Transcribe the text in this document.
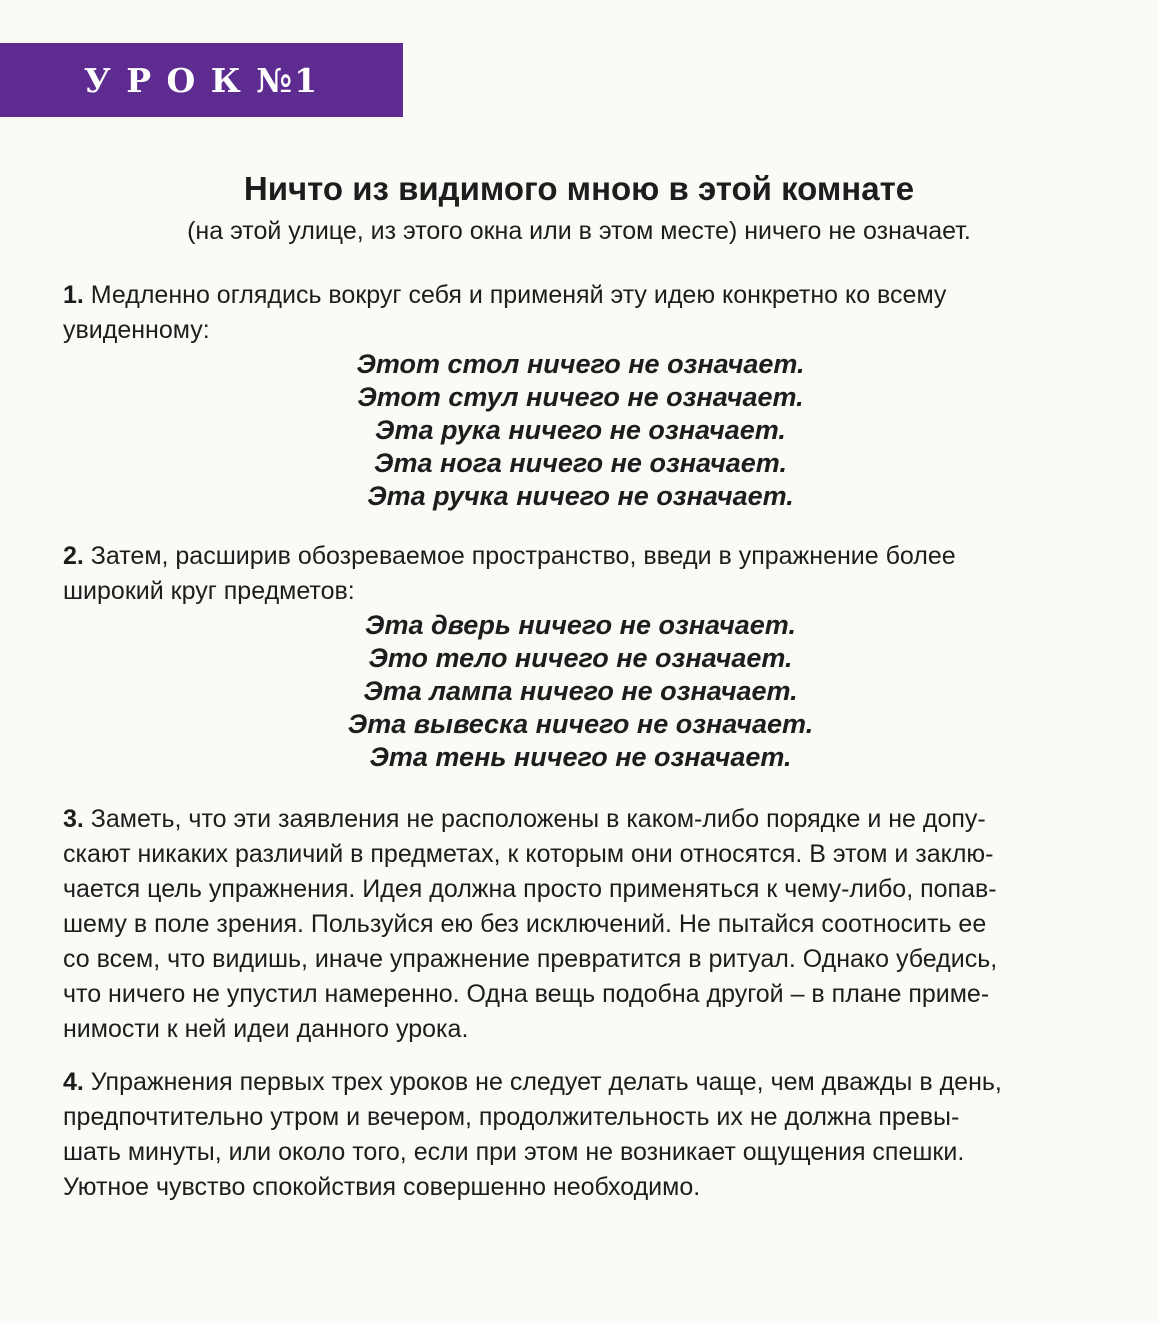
У Р О К №1
Ничто из видимого мною в этой комнате
(на этой улице, из этого окна или в этом месте) ничего не означает.
1. Медленно оглядись вокруг себя и применяй эту идею конкретно ко всему
увиденному:
Этот стол ничего не означает.
Этот стул ничего не означает.
Эта рука ничего не означает.
Эта нога ничего не означает.
Эта ручка ничего не означает.
2. Затем, расширив обозреваемое пространство, введи в упражнение более
широкий круг предметов:
Эта дверь ничего не означает.
Это тело ничего не означает.
Эта лампа ничего не означает.
Эта вывеска ничего не означает.
Эта тень ничего не означает.
3. Заметь, что эти заявления не расположены в каком-либо порядке и не допу-
скают никаких различий в предметах, к которым они относятся. В этом и заклю-
чается цель упражнения. Идея должна просто применяться к чему-либо, попав-
шему в поле зрения. Пользуйся ею без исключений. Не пытайся соотносить ее
со всем, что видишь, иначе упражнение превратится в ритуал. Однако убедись,
что ничего не упустил намеренно. Одна вещь подобна другой – в плане приме-
нимости к ней идеи данного урока.
4. Упражнения первых трех уроков не следует делать чаще, чем дважды в день,
предпочтительно утром и вечером, продолжительность их не должна превы-
шать минуты, или около того, если при этом не возникает ощущения спешки.
Уютное чувство спокойствия совершенно необходимо.
